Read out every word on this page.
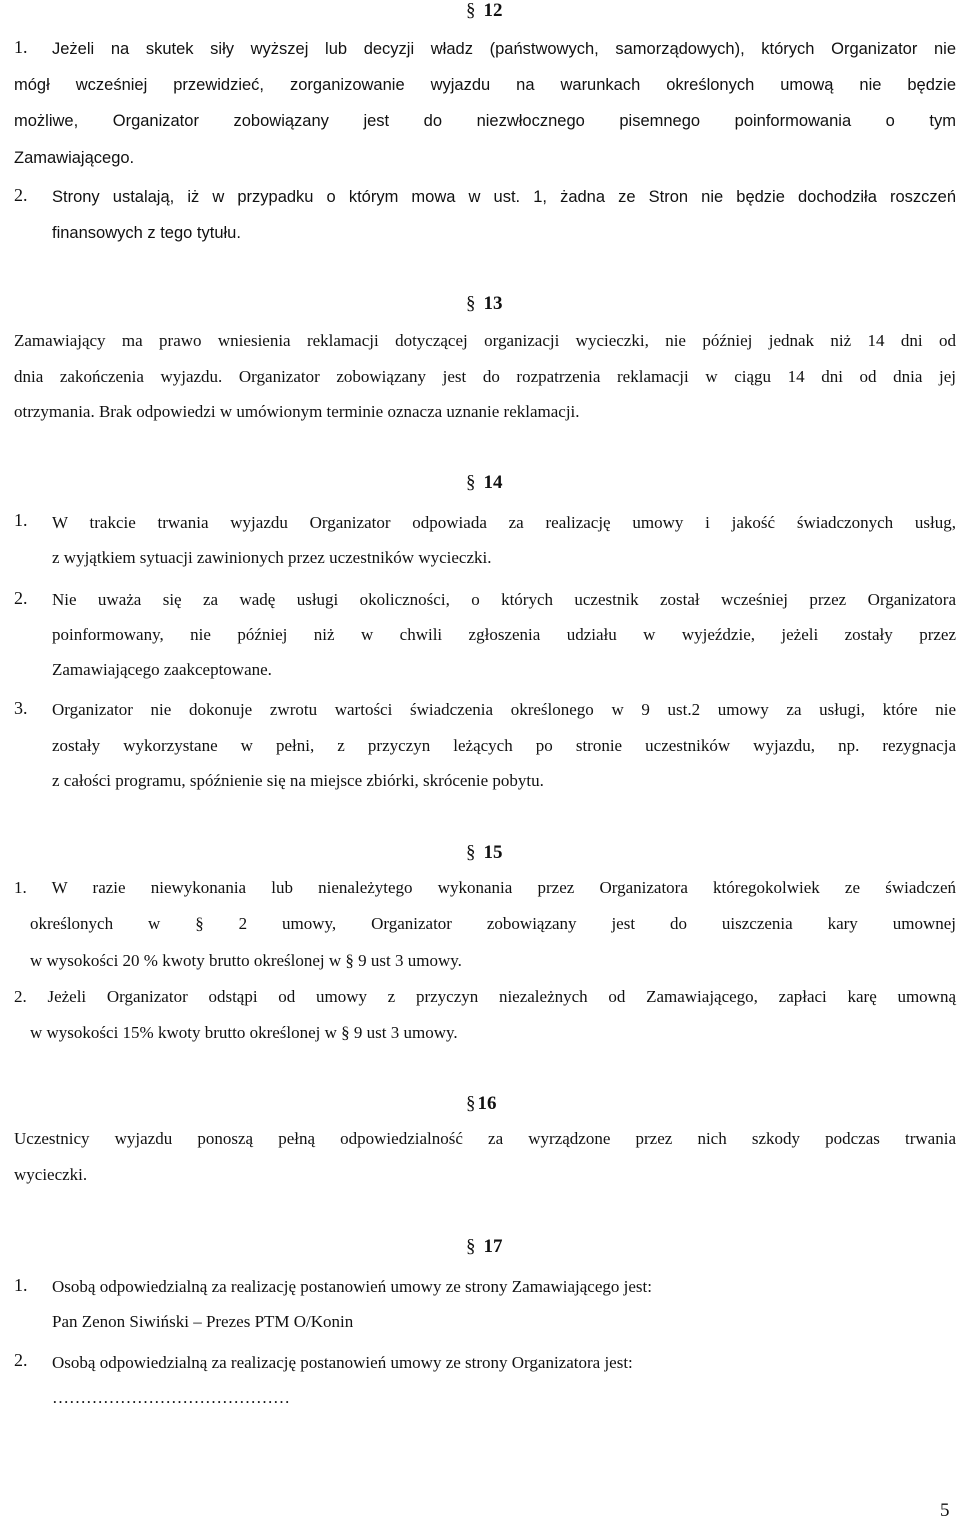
§ 12
1. Jeżeli na skutek siły wyższej lub decyzji władz (państwowych, samorządowych), których Organizator nie
mógł wcześniej przewidzieć, zorganizowanie wyjazdu na warunkach określonych umową nie będzie
możliwe, Organizator zobowiązany jest do niezwłocznego pisemnego poinformowania o tym
Zamawiającego.
2. Strony ustalają, iż w przypadku o którym mowa w ust. 1, żadna ze Stron nie będzie dochodziła roszczeń
finansowych z tego tytułu.
§ 13
Zamawiający ma prawo wniesienia reklamacji dotyczącej organizacji wycieczki, nie później jednak niż 14 dni od
dnia zakończenia wyjazdu. Organizator zobowiązany jest do rozpatrzenia reklamacji w ciągu 14 dni od dnia jej
otrzymania. Brak odpowiedzi w umówionym terminie oznacza uznanie reklamacji.
§ 14
1. W trakcie trwania wyjazdu Organizator odpowiada za realizację umowy i jakość świadczonych usług,
z wyjątkiem sytuacji zawinionych przez uczestników wycieczki.
2. Nie uważa się za wadę usługi okoliczności, o których uczestnik został wcześniej przez Organizatora
poinformowany, nie później niż w chwili zgłoszenia udziału w wyjeździe, jeżeli zostały przez
Zamawiającego zaakceptowane.
3. Organizator nie dokonuje zwrotu wartości świadczenia określonego w 9 ust.2 umowy za usługi, które nie
zostały wykorzystane w pełni, z przyczyn leżących po stronie uczestników wyjazdu, np. rezygnacja
z całości programu, spóźnienie się na miejsce zbiórki, skrócenie pobytu.
§ 15
1. W razie niewykonania lub nienależytego wykonania przez Organizatora któregokolwiek ze świadczeń
określonych w § 2 umowy, Organizator zobowiązany jest do uiszczenia kary umownej
w wysokości 20 % kwoty brutto określonej w § 9 ust 3 umowy.
2. Jeżeli Organizator odstąpi od umowy z przyczyn niezależnych od Zamawiającego, zapłaci karę umowną
w wysokości 15% kwoty brutto określonej w § 9 ust 3 umowy.
§ 16
Uczestnicy wyjazdu ponoszą pełną odpowiedzialność za wyrządzone przez nich szkody podczas trwania
wycieczki.
§ 17
1. Osobą odpowiedzialną za realizację postanowień umowy ze strony Zamawiającego jest:
Pan Zenon Siwiński – Prezes PTM O/Konin
2. Osobą odpowiedzialną za realizację postanowień umowy ze strony Organizatora jest:
……………………………………
5
